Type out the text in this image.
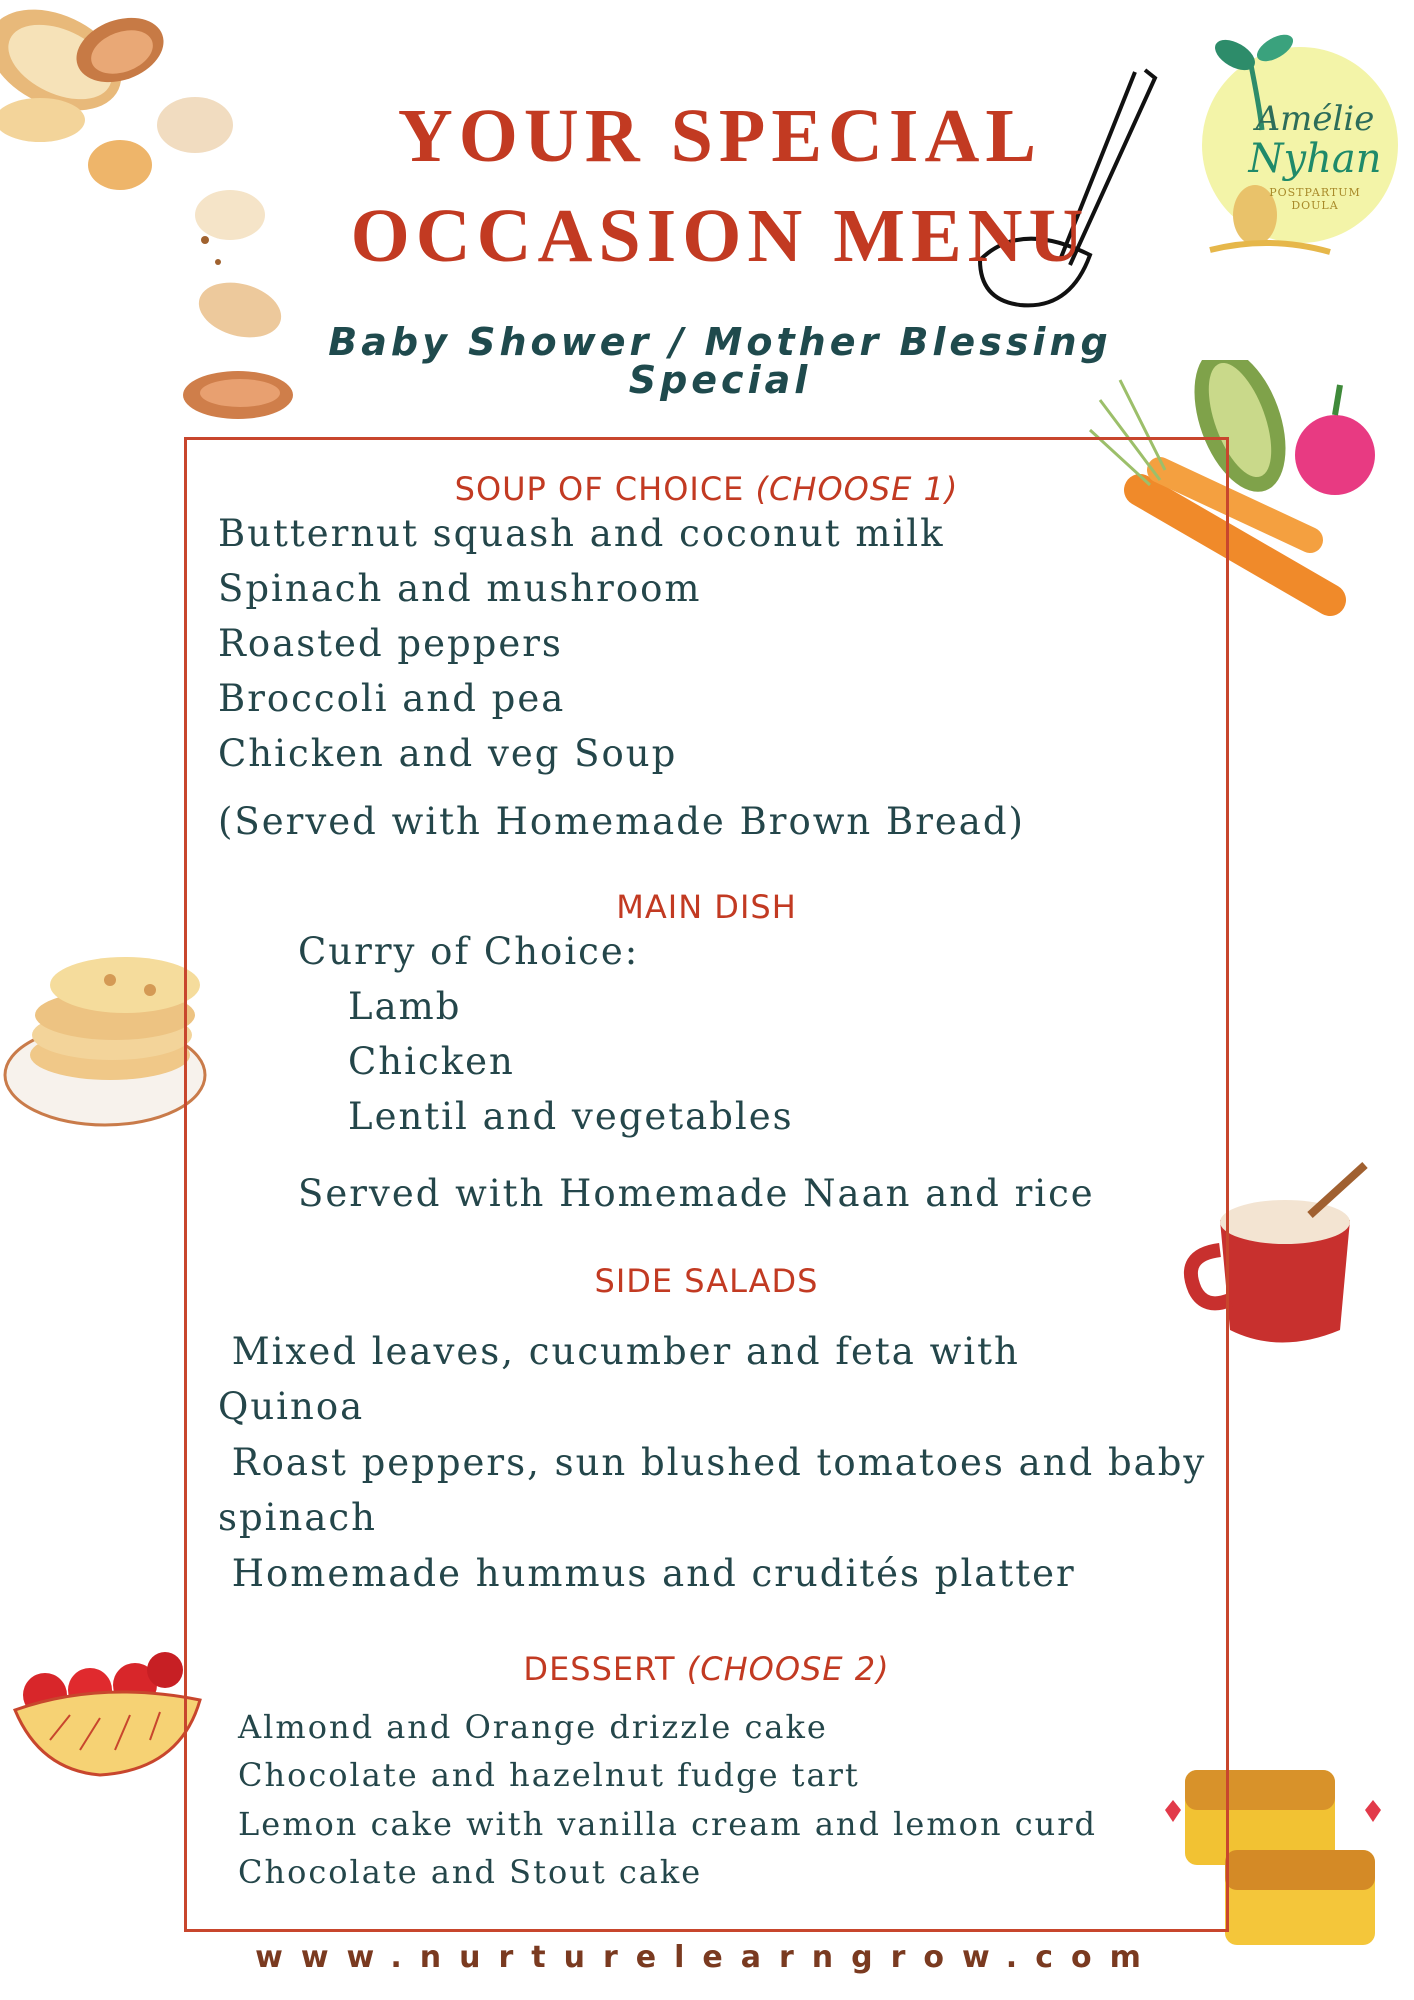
Amélie
Nyhan
POSTPARTUM
DOULA
YOUR SPECIAL
OCCASION MENU
Baby Shower / Mother Blessing
Special
SOUP OF CHOICE (CHOOSE 1)
Butternut squash and coconut milk
Spinach and mushroom
Roasted peppers
Broccoli and pea
Chicken and veg Soup
(Served with Homemade Brown Bread)
MAIN DISH
Curry of Choice:
Lamb
Chicken
Lentil and vegetables
Served with Homemade Naan and rice
SIDE SALADS
Mixed leaves, cucumber and feta with
Quinoa
Roast peppers, sun blushed tomatoes and baby
spinach
Homemade hummus and crudités platter
DESSERT (CHOOSE 2)
Almond and Orange drizzle cake
Chocolate and hazelnut fudge tart
Lemon cake with vanilla cream and lemon curd
Chocolate and Stout cake
www.nurturelearngrow.com
